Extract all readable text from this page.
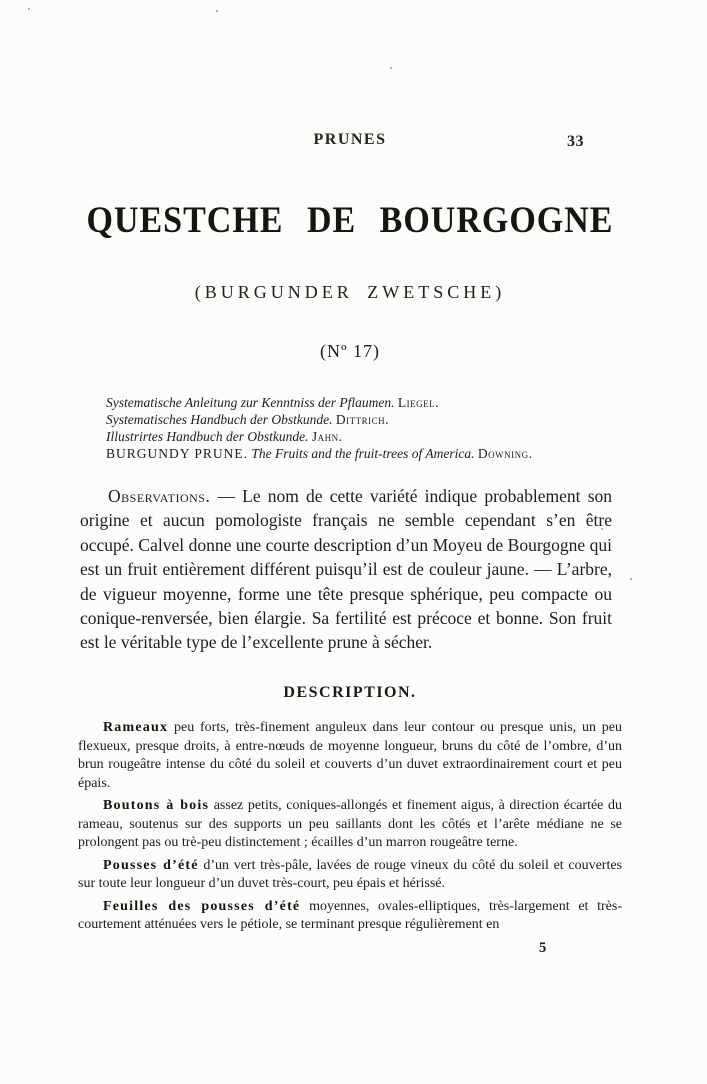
PRUNES	33
QUESTCHE DE BOURGOGNE
(BURGUNDER ZWETSCHE)
(Nº 17)
Systematische Anleitung zur Kenntniss der Pflaumen. Liegel.
Systematisches Handbuch der Obstkunde. Dittrich.
Illustrirtes Handbuch der Obstkunde. Jahn.
BURGUNDY PRUNE. The Fruits and the fruit-trees of America. Downing.

Observations. — Le nom de cette variété indique probablement son origine et aucun pomologiste français ne semble cependant s’en être occupé. Calvel donne une courte description d’un Moyeu de Bourgogne qui est un fruit entièrement différent puisqu’il est de couleur jaune. — L’arbre, de vigueur moyenne, forme une tête presque sphérique, peu compacte ou conique-renversée, bien élargie. Sa fertilité est précoce et bonne. Son fruit est le véritable type de l’excellente prune à sécher.

DESCRIPTION.

Rameaux peu forts, très-finement anguleux dans leur contour ou presque unis, un peu flexueux, presque droits, à entre-nœuds de moyenne longueur, bruns du côté de l’ombre, d’un brun rougeâtre intense du côté du soleil et couverts d’un duvet extraordinairement court et peu épais.

Boutons à bois assez petits, coniques-allongés et finement aigus, à direction écartée du rameau, soutenus sur des supports un peu saillants dont les côtés et l’arête médiane ne se prolongent pas ou trè-peu distinctement ; écailles d’un marron rougeâtre terne.

Pousses d’été d’un vert très-pâle, lavées de rouge vineux du côté du soleil et couvertes sur toute leur longueur d’un duvet très-court, peu épais et hérissé.

Feuilles des pousses d’été moyennes, ovales-elliptiques, très-largement et très-courtement atténuées vers le pétiole, se terminant presque régulièrement en

5
